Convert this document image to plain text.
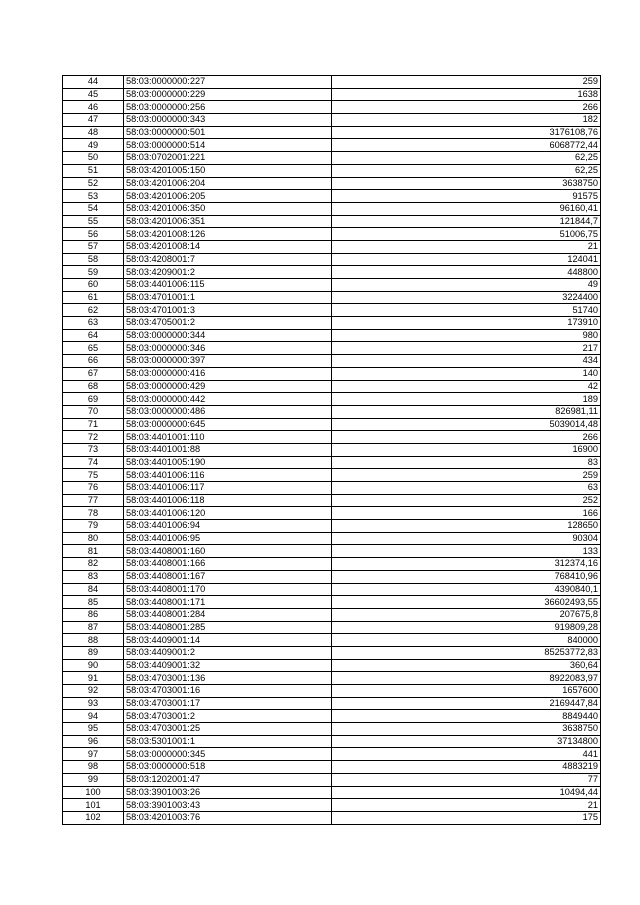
44	58:03:0000000:227	259
45	58:03:0000000:229	1638
46	58:03:0000000:256	266
47	58:03:0000000:343	182
48	58:03:0000000:501	3176108,76
49	58:03:0000000:514	6068772,44
50	58:03:0702001:221	62,25
51	58:03:4201005:150	62,25
52	58:03:4201006:204	3638750
53	58:03:4201006:205	91575
54	58:03:4201006:350	96160,41
55	58:03:4201006:351	121844,7
56	58:03:4201008:126	51006,75
57	58:03:4201008:14	21
58	58:03:4208001:7	124041
59	58:03:4209001:2	448800
60	58:03:4401006:115	49
61	58:03:4701001:1	3224400
62	58:03:4701001:3	51740
63	58:03:4705001:2	173910
64	58:03:0000000:344	980
65	58:03:0000000:346	217
66	58:03:0000000:397	434
67	58:03:0000000:416	140
68	58:03:0000000:429	42
69	58:03:0000000:442	189
70	58:03:0000000:486	826981,11
71	58:03:0000000:645	5039014,48
72	58:03:4401001:110	266
73	58:03:4401001:88	16900
74	58:03:4401005:190	83
75	58:03:4401006:116	259
76	58:03:4401006:117	63
77	58:03:4401006:118	252
78	58:03:4401006:120	166
79	58:03:4401006:94	128650
80	58:03:4401006:95	90304
81	58:03:4408001:160	133
82	58:03:4408001:166	312374,16
83	58:03:4408001:167	768410,96
84	58:03:4408001:170	4390840,1
85	58:03:4408001:171	36602493,55
86	58:03:4408001:284	207675,8
87	58:03:4408001:285	919809,28
88	58:03:4409001:14	840000
89	58:03:4409001:2	85253772,83
90	58:03:4409001:32	360,64
91	58:03:4703001:136	8922083,97
92	58:03:4703001:16	1657600
93	58:03:4703001:17	2169447,84
94	58:03:4703001:2	8849440
95	58:03:4703001:25	3638750
96	58:03:5301001:1	37134800
97	58:03:0000000:345	441
98	58:03:0000000:518	4883219
99	58:03:1202001:47	77
100	58:03:3901003:26	10494,44
101	58:03:3901003:43	21
102	58:03:4201003:76	175
